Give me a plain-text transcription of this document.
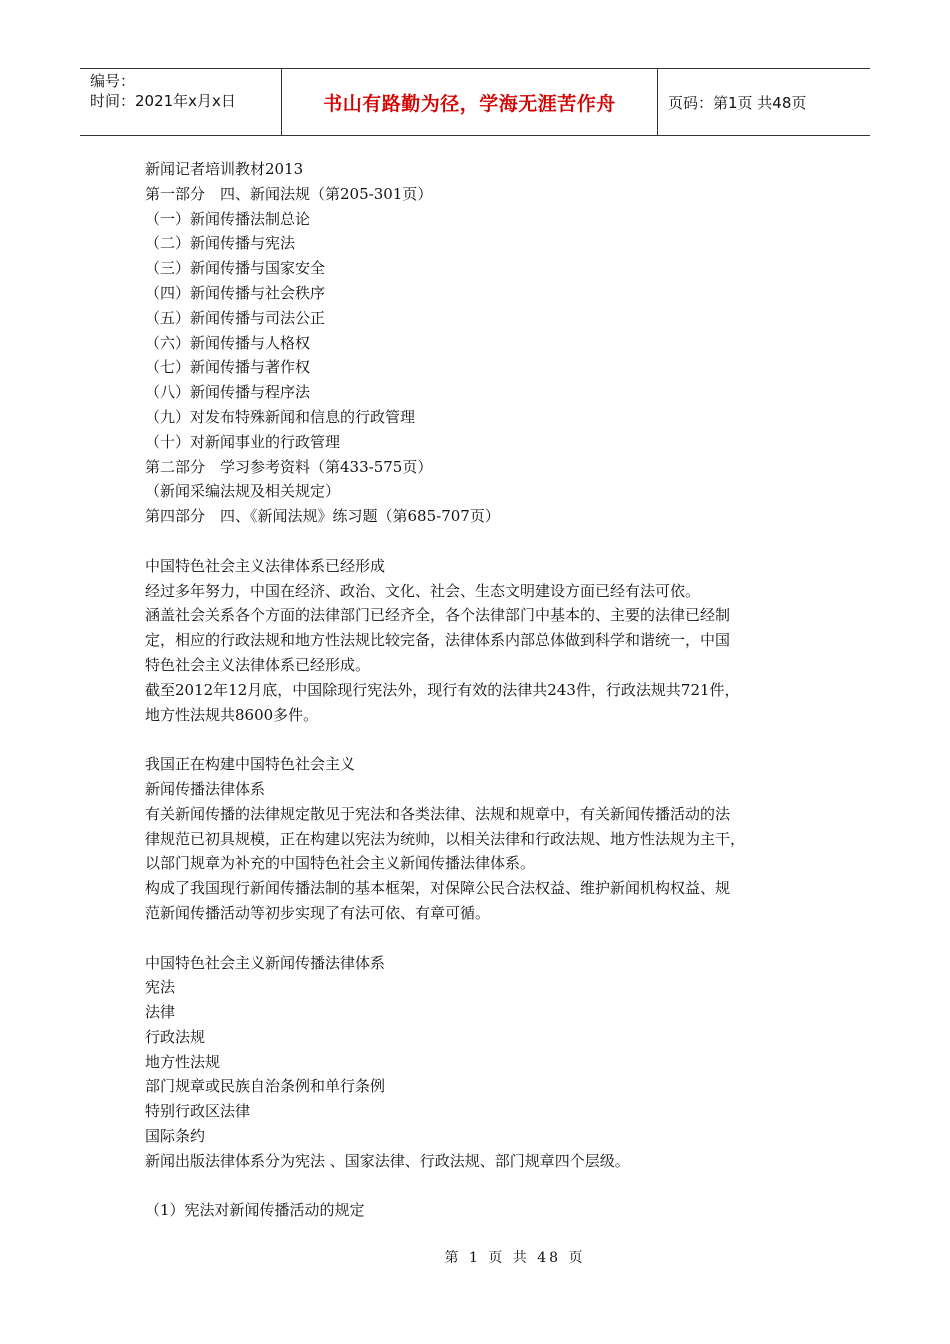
编号：
时间：2021年x月x日	书山有路勤为径，学海无涯苦作舟	页码：第1页 共48页
新闻记者培训教材2013
第一部分　四、新闻法规（第205-301页）
（一）新闻传播法制总论
（二）新闻传播与宪法
（三）新闻传播与国家安全
（四）新闻传播与社会秩序
（五）新闻传播与司法公正
（六）新闻传播与人格权
（七）新闻传播与著作权
（八）新闻传播与程序法
（九）对发布特殊新闻和信息的行政管理
（十）对新闻事业的行政管理
第二部分　学习参考资料（第433-575页）
（新闻采编法规及相关规定）
第四部分　四、《新闻法规》练习题（第685-707页）
中国特色社会主义法律体系已经形成
经过多年努力，中国在经济、政治、文化、社会、生态文明建设方面已经有法可依。
涵盖社会关系各个方面的法律部门已经齐全，各个法律部门中基本的、主要的法律已经制
定，相应的行政法规和地方性法规比较完备，法律体系内部总体做到科学和谐统一，中国
特色社会主义法律体系已经形成。
截至2012年12月底，中国除现行宪法外，现行有效的法律共243件，行政法规共721件，
地方性法规共8600多件。
我国正在构建中国特色社会主义
新闻传播法律体系
有关新闻传播的法律规定散见于宪法和各类法律、法规和规章中，有关新闻传播活动的法
律规范已初具规模，正在构建以宪法为统帅，以相关法律和行政法规、地方性法规为主干，
以部门规章为补充的中国特色社会主义新闻传播法律体系。
构成了我国现行新闻传播法制的基本框架，对保障公民合法权益、维护新闻机构权益、规
范新闻传播活动等初步实现了有法可依、有章可循。
中国特色社会主义新闻传播法律体系
宪法
法律
行政法规
地方性法规
部门规章或民族自治条例和单行条例
特别行政区法律
国际条约
新闻出版法律体系分为宪法 、国家法律、行政法规、部门规章四个层级。
（1）宪法对新闻传播活动的规定
第 1 页 共 48 页
